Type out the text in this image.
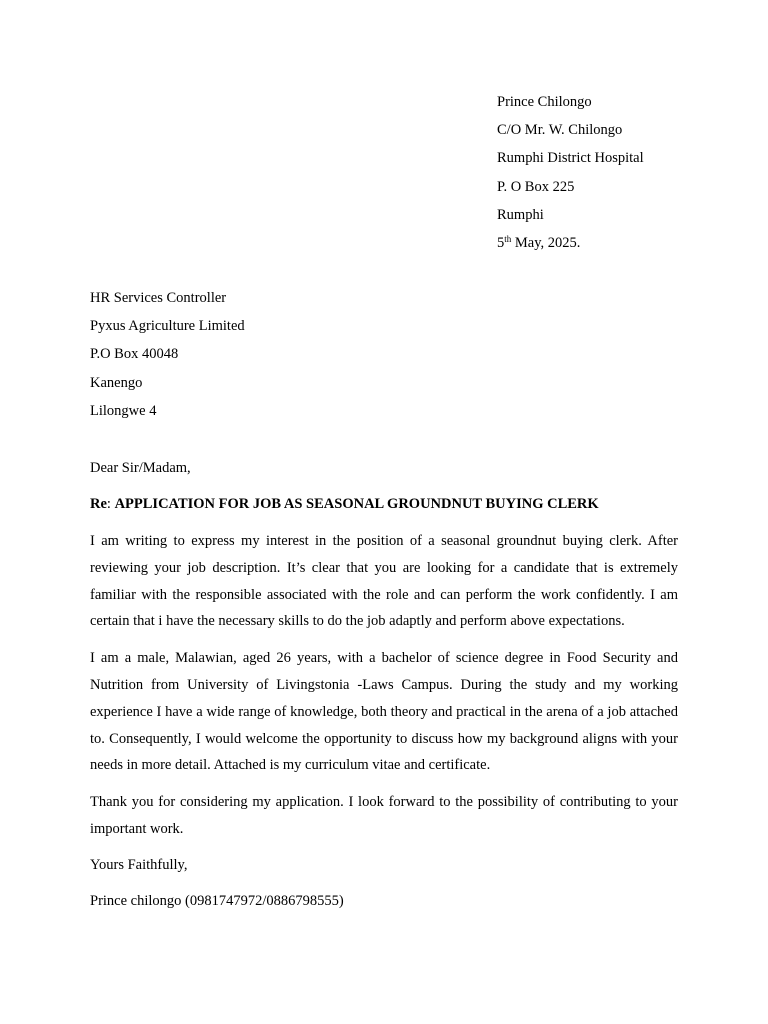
Prince Chilongo
C/O Mr. W. Chilongo
Rumphi District Hospital
P. O Box 225
Rumphi
5th May, 2025.
HR Services Controller
Pyxus Agriculture Limited
P.O Box 40048
Kanengo
Lilongwe 4
Dear Sir/Madam,
Re: APPLICATION FOR JOB AS SEASONAL GROUNDNUT BUYING CLERK

I am writing to express my interest in the position of a seasonal groundnut buying clerk. After reviewing your job description. It’s clear that you are looking for a candidate that is extremely familiar with the responsible associated with the role and can perform the work confidently. I am certain that i have the necessary skills to do the job adaptly and perform above expectations.

I am a male, Malawian, aged 26 years, with a bachelor of science degree in Food Security and Nutrition from University of Livingstonia -Laws Campus. During the study and my working experience I have a wide range of knowledge, both theory and practical in the arena of a job attached to. Consequently, I would welcome the opportunity to discuss how my background aligns with your needs in more detail. Attached is my curriculum vitae and certificate.

Thank you for considering my application. I look forward to the possibility of contributing to your important work.

Yours Faithfully,
Prince chilongo (0981747972/0886798555)
